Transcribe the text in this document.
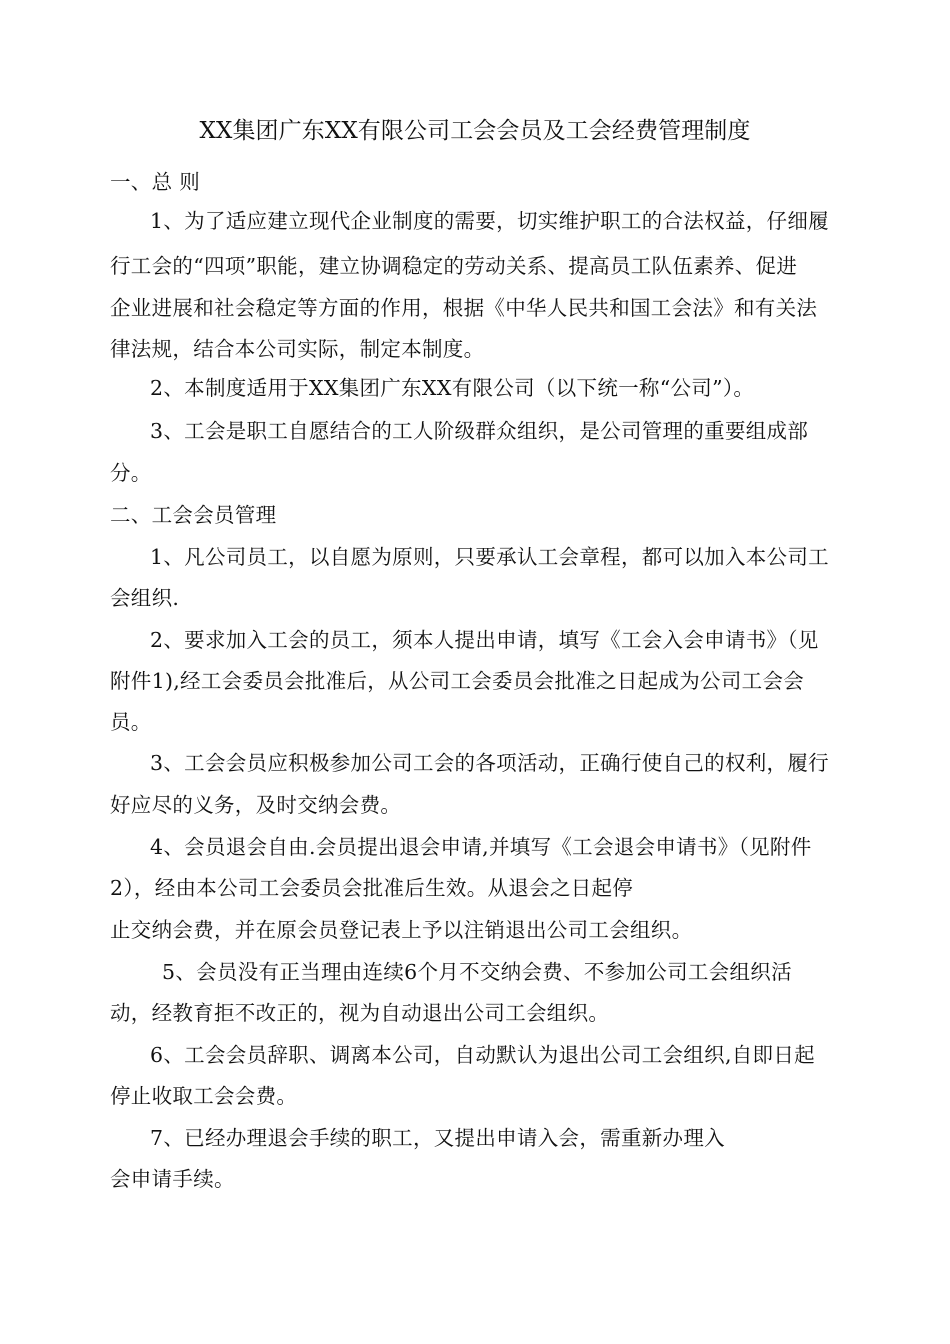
XX集团广东XX有限公司工会会员及工会经费管理制度
一、总 则
1、为了适应建立现代企业制度的需要，切实维护职工的合法权益，仔细履
行工会的“四项”职能，建立协调稳定的劳动关系、提高员工队伍素养、促进
企业进展和社会稳定等方面的作用，根据《中华人民共和国工会法》和有关法
律法规，结合本公司实际，制定本制度。
2、本制度适用于XX集团广东XX有限公司（以下统一称“公司”）。
3、工会是职工自愿结合的工人阶级群众组织，是公司管理的重要组成部
分。
二、工会会员管理
1、凡公司员工，以自愿为原则，只要承认工会章程，都可以加入本公司工
会组织.
2、要求加入工会的员工，须本人提出申请，填写《工会入会申请书》（见
附件1),经工会委员会批准后，从公司工会委员会批准之日起成为公司工会会
员。
3、工会会员应积极参加公司工会的各项活动，正确行使自己的权利，履行
好应尽的义务，及时交纳会费。
4、会员退会自由.会员提出退会申请,并填写《工会退会申请书》（见附件
2），经由本公司工会委员会批准后生效。从退会之日起停
止交纳会费，并在原会员登记表上予以注销退出公司工会组织。
5、会员没有正当理由连续6个月不交纳会费、不参加公司工会组织活
动，经教育拒不改正的，视为自动退出公司工会组织。
6、工会会员辞职、调离本公司，自动默认为退出公司工会组织,自即日起
停止收取工会会费。
7、已经办理退会手续的职工，又提出申请入会，需重新办理入
会申请手续。
